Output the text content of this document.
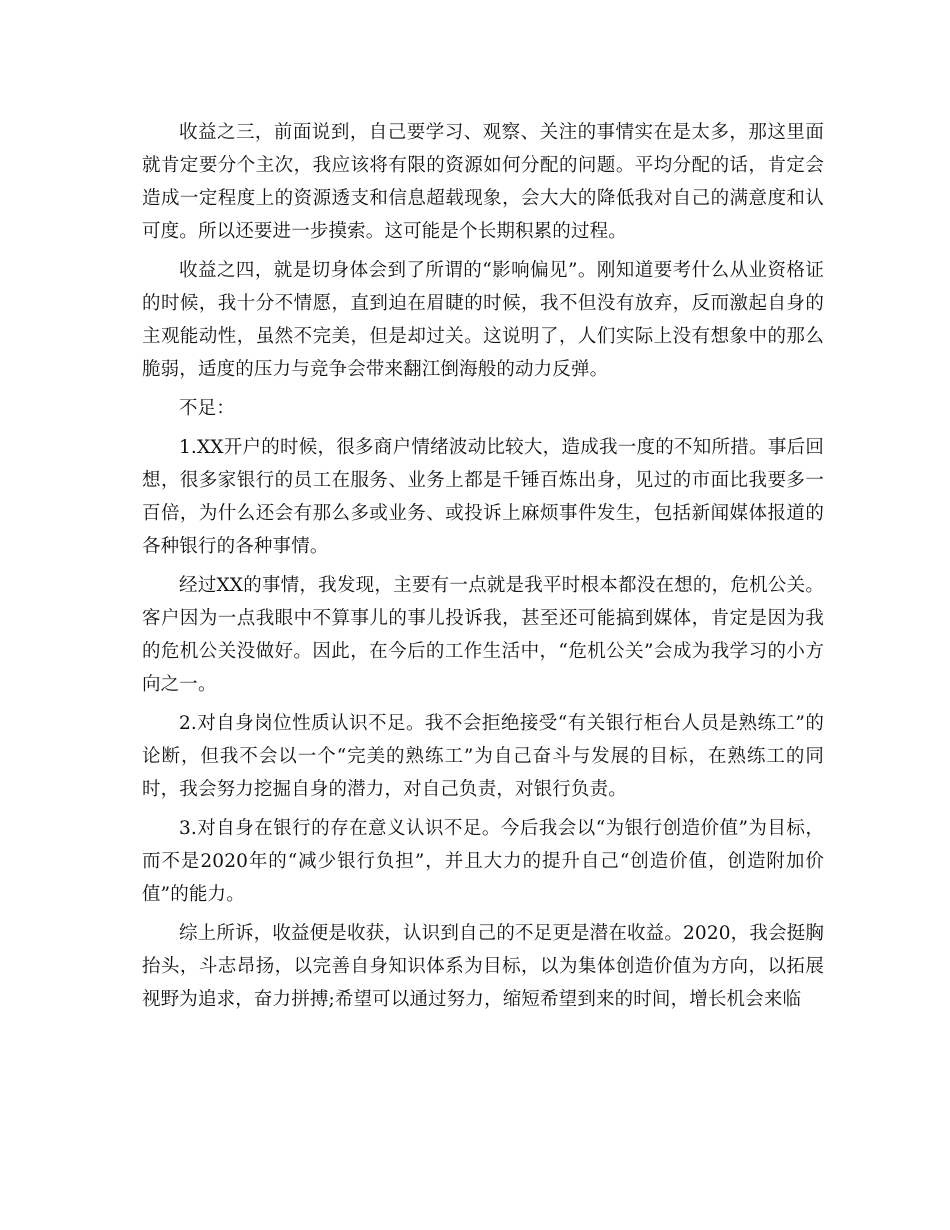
收益之三，前面说到，自己要学习、观察、关注的事情实在是太多，那这里面就肯定要分个主次，我应该将有限的资源如何分配的问题。平均分配的话，肯定会造成一定程度上的资源透支和信息超载现象，会大大的降低我对自己的满意度和认可度。所以还要进一步摸索。这可能是个长期积累的过程。

收益之四，就是切身体会到了所谓的“影响偏见”。刚知道要考什么从业资格证的时候，我十分不情愿，直到迫在眉睫的时候，我不但没有放弃，反而激起自身的主观能动性，虽然不完美，但是却过关。这说明了，人们实际上没有想象中的那么脆弱，适度的压力与竞争会带来翻江倒海般的动力反弹。

不足：

1.XX开户的时候，很多商户情绪波动比较大，造成我一度的不知所措。事后回想，很多家银行的员工在服务、业务上都是千锤百炼出身，见过的市面比我要多一百倍，为什么还会有那么多或业务、或投诉上麻烦事件发生，包括新闻媒体报道的各种银行的各种事情。

经过XX的事情，我发现，主要有一点就是我平时根本都没在想的，危机公关。客户因为一点我眼中不算事儿的事儿投诉我，甚至还可能搞到媒体，肯定是因为我的危机公关没做好。因此，在今后的工作生活中，“危机公关”会成为我学习的小方向之一。

2.对自身岗位性质认识不足。我不会拒绝接受“有关银行柜台人员是熟练工”的论断，但我不会以一个“完美的熟练工”为自己奋斗与发展的目标，在熟练工的同时，我会努力挖掘自身的潜力，对自己负责，对银行负责。

3.对自身在银行的存在意义认识不足。今后我会以“为银行创造价值”为目标，而不是2020年的“减少银行负担”，并且大力的提升自己“创造价值，创造附加价值”的能力。

综上所诉，收益便是收获，认识到自己的不足更是潜在收益。2020，我会挺胸抬头，斗志昂扬，以完善自身知识体系为目标，以为集体创造价值为方向，以拓展视野为追求，奋力拼搏;希望可以通过努力，缩短希望到来的时间，增长机会来临
